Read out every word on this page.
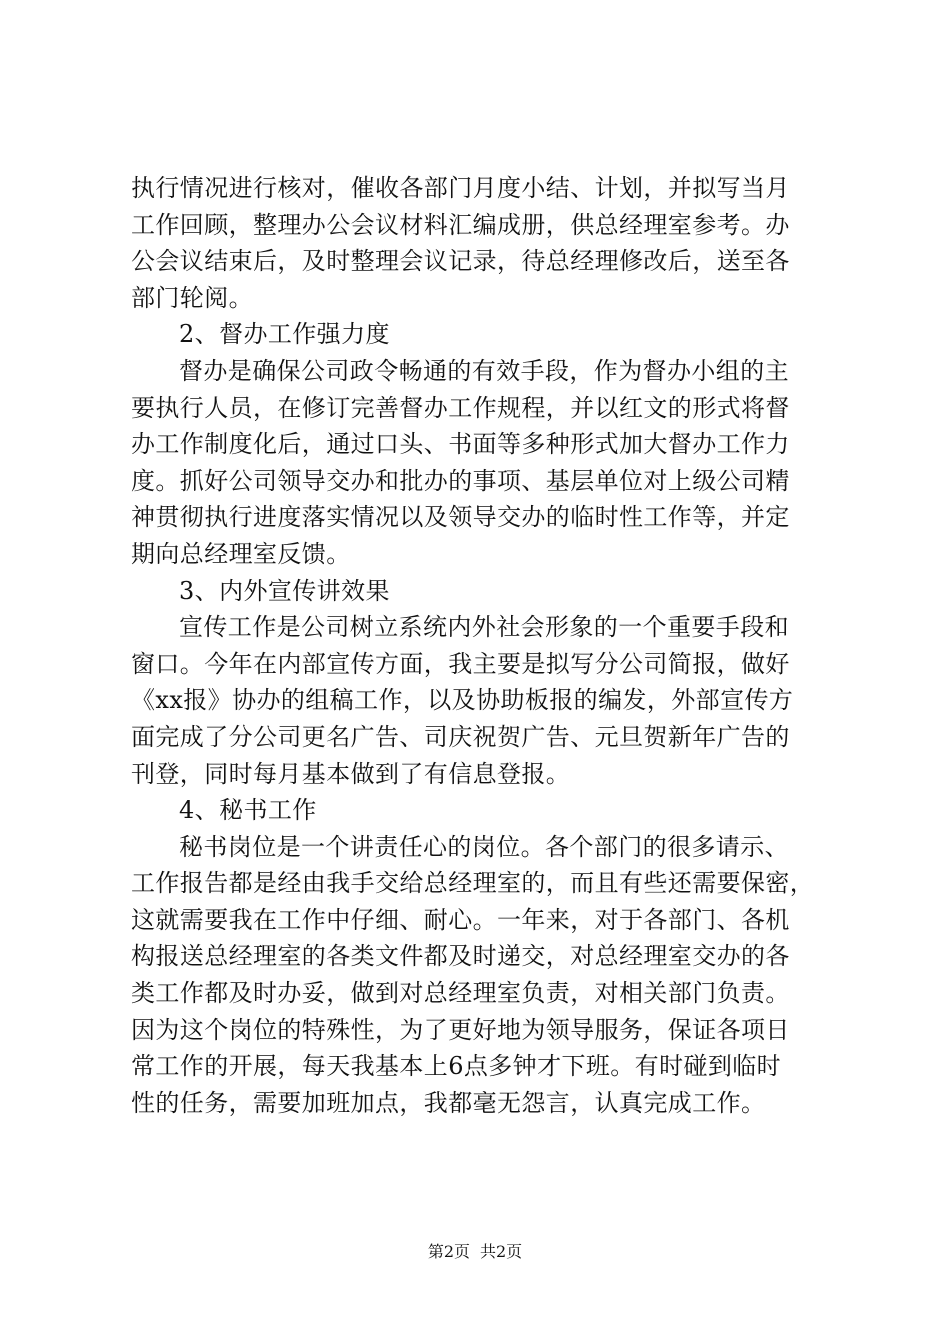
执行情况进行核对，催收各部门月度小结、计划，并拟写当月
工作回顾，整理办公会议材料汇编成册，供总经理室参考。办
公会议结束后，及时整理会议记录，待总经理修改后，送至各
部门轮阅。
2、督办工作强力度
督办是确保公司政令畅通的有效手段，作为督办小组的主
要执行人员，在修订完善督办工作规程，并以红文的形式将督
办工作制度化后，通过口头、书面等多种形式加大督办工作力
度。抓好公司领导交办和批办的事项、基层单位对上级公司精
神贯彻执行进度落实情况以及领导交办的临时性工作等，并定
期向总经理室反馈。
3、内外宣传讲效果
宣传工作是公司树立系统内外社会形象的一个重要手段和
窗口。今年在内部宣传方面，我主要是拟写分公司简报，做好
《xx报》协办的组稿工作，以及协助板报的编发，外部宣传方
面完成了分公司更名广告、司庆祝贺广告、元旦贺新年广告的
刊登，同时每月基本做到了有信息登报。
4、秘书工作
秘书岗位是一个讲责任心的岗位。各个部门的很多请示、
工作报告都是经由我手交给总经理室的，而且有些还需要保密，
这就需要我在工作中仔细、耐心。一年来，对于各部门、各机
构报送总经理室的各类文件都及时递交，对总经理室交办的各
类工作都及时办妥，做到对总经理室负责，对相关部门负责。
因为这个岗位的特殊性，为了更好地为领导服务，保证各项日
常工作的开展，每天我基本上6点多钟才下班。有时碰到临时
性的任务，需要加班加点，我都毫无怨言，认真完成工作。
第2页 共2页
